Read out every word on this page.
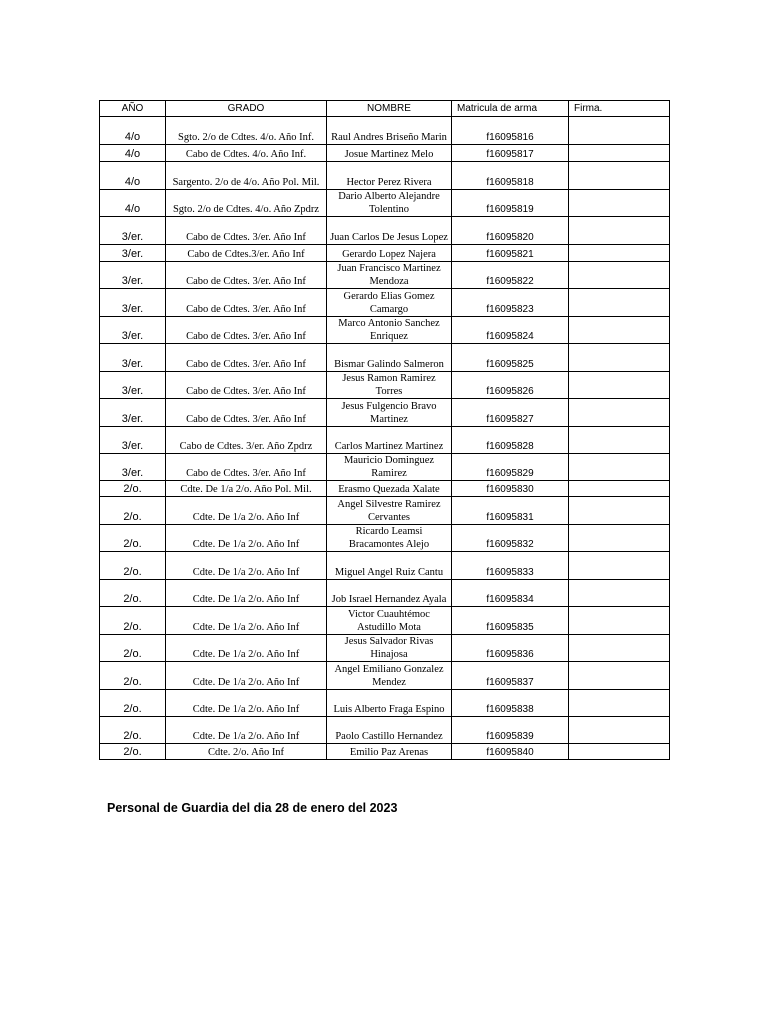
AÑO	GRADO	NOMBRE	Matricula de arma	Firma.
4/o	Sgto. 2/o de Cdtes. 4/o. Año Inf.	Raul Andres Briseño Marin	f16095816	
4/o	Cabo de Cdtes. 4/o. Año Inf.	Josue Martinez Melo	f16095817	
4/o	Sargento. 2/o de 4/o. Año Pol. Mil.	Hector Perez Rivera	f16095818	
4/o	Sgto. 2/o de Cdtes. 4/o. Año Zpdrz	Dario Alberto Alejandre Tolentino	f16095819	
3/er.	Cabo de Cdtes. 3/er. Año Inf	Juan Carlos De Jesus Lopez	f16095820	
3/er.	Cabo de Cdtes.3/er. Año Inf	Gerardo Lopez Najera	f16095821	
3/er.	Cabo de Cdtes. 3/er. Año Inf	Juan Francisco Martinez Mendoza	f16095822	
3/er.	Cabo de Cdtes. 3/er. Año Inf	Gerardo Elias Gomez Camargo	f16095823	
3/er.	Cabo de Cdtes. 3/er. Año Inf	Marco Antonio Sanchez Enriquez	f16095824	
3/er.	Cabo de Cdtes. 3/er. Año Inf	Bismar Galindo Salmeron	f16095825	
3/er.	Cabo de Cdtes. 3/er. Año Inf	Jesus Ramon Ramirez Torres	f16095826	
3/er.	Cabo de Cdtes. 3/er. Año Inf	Jesus Fulgencio Bravo Martinez	f16095827	
3/er.	Cabo de Cdtes. 3/er. Año Zpdrz	Carlos Martinez Martinez	f16095828	
3/er.	Cabo de Cdtes. 3/er. Año Inf	Mauricio Dominguez Ramirez	f16095829	
2/o.	Cdte. De 1/a 2/o. Año Pol. Mil.	Erasmo Quezada Xalate	f16095830	
2/o.	Cdte. De 1/a 2/o. Año Inf	Angel Silvestre Ramirez Cervantes	f16095831	
2/o.	Cdte. De 1/a 2/o. Año Inf	Ricardo Leamsi Bracamontes Alejo	f16095832	
2/o.	Cdte. De 1/a 2/o. Año Inf	Miguel Angel Ruiz Cantu	f16095833	
2/o.	Cdte. De 1/a 2/o. Año Inf	Job Israel Hernandez Ayala	f16095834	
2/o.	Cdte. De 1/a 2/o. Año Inf	Victor Cuauhtémoc Astudillo Mota	f16095835	
2/o.	Cdte. De 1/a 2/o. Año Inf	Jesus Salvador Rivas Hinajosa	f16095836	
2/o.	Cdte. De 1/a 2/o. Año Inf	Angel Emiliano Gonzalez Mendez	f16095837	
2/o.	Cdte. De 1/a 2/o. Año Inf	Luis Alberto Fraga Espino	f16095838	
2/o.	Cdte. De 1/a 2/o. Año Inf	Paolo Castillo Hernandez	f16095839	
2/o.	Cdte. 2/o. Año Inf	Emilio Paz Arenas	f16095840	
Personal de Guardia del dia 28 de enero del 2023
